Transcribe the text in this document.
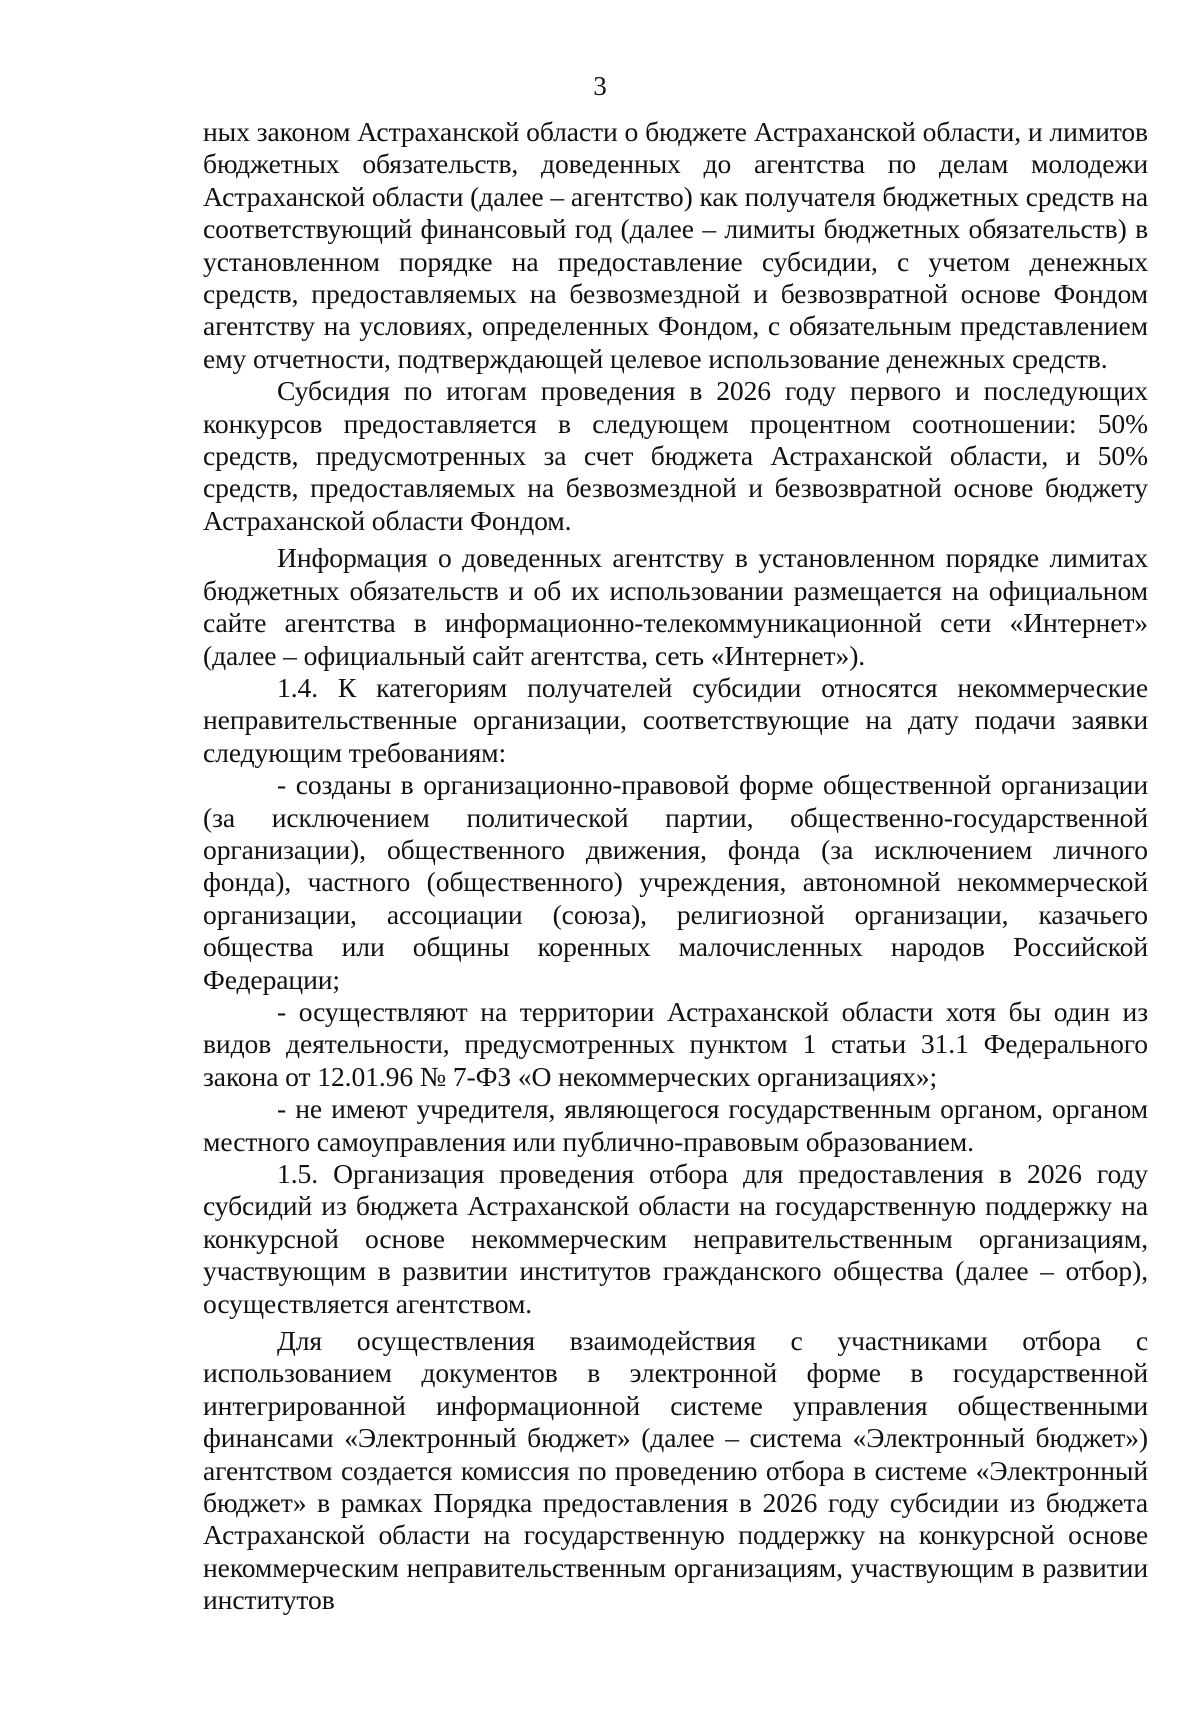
3

ных законом Астраханской области о бюджете Астраханской области, и лимитов бюджетных обязательств, доведенных до агентства по делам молодежи Астраханской области (далее – агентство) как получателя бюджетных средств на соответствующий финансовый год (далее – лимиты бюджетных обязательств) в установленном порядке на предоставление субсидии, с учетом денежных средств, предоставляемых на безвозмездной и безвозвратной основе Фондом агентству на условиях, определенных Фондом, с обязательным представлением ему отчетности, подтверждающей целевое использование денежных средств.

Субсидия по итогам проведения в 2026 году первого и последующих конкурсов предоставляется в следующем процентном соотношении: 50% средств, предусмотренных за счет бюджета Астраханской области, и 50% средств, предоставляемых на безвозмездной и безвозвратной основе бюджету Астраханской области Фондом.

Информация о доведенных агентству в установленном порядке лимитах бюджетных обязательств и об их использовании размещается на официальном сайте агентства в информационно-телекоммуникационной сети «Интернет» (далее – официальный сайт агентства, сеть «Интернет»).

1.4. К категориям получателей субсидии относятся некоммерческие неправительственные организации, соответствующие на дату подачи заявки следующим требованиям:

- созданы в организационно-правовой форме общественной организации (за исключением политической партии, общественно-государственной организации), общественного движения, фонда (за исключением личного фонда), частного (общественного) учреждения, автономной некоммерческой организации, ассоциации (союза), религиозной организации, казачьего общества или общины коренных малочисленных народов Российской Федерации;

- осуществляют на территории Астраханской области хотя бы один из видов деятельности, предусмотренных пунктом 1 статьи 31.1 Федерального закона от 12.01.96 № 7-ФЗ «О некоммерческих организациях»;

- не имеют учредителя, являющегося государственным органом, органом местного самоуправления или публично-правовым образованием.

1.5. Организация проведения отбора для предоставления в 2026 году субсидий из бюджета Астраханской области на государственную поддержку на конкурсной основе некоммерческим неправительственным организациям, участвующим в развитии институтов гражданского общества (далее – отбор), осуществляется агентством.

Для осуществления взаимодействия с участниками отбора с использованием документов в электронной форме в государственной интегрированной информационной системе управления общественными финансами «Электронный бюджет» (далее – система «Электронный бюджет») агентством создается комиссия по проведению отбора в системе «Электронный бюджет» в рамках Порядка предоставления в 2026 году субсидии из бюджета Астраханской области на государственную поддержку на конкурсной основе некоммерческим неправительственным организациям, участвующим в развитии институтов
